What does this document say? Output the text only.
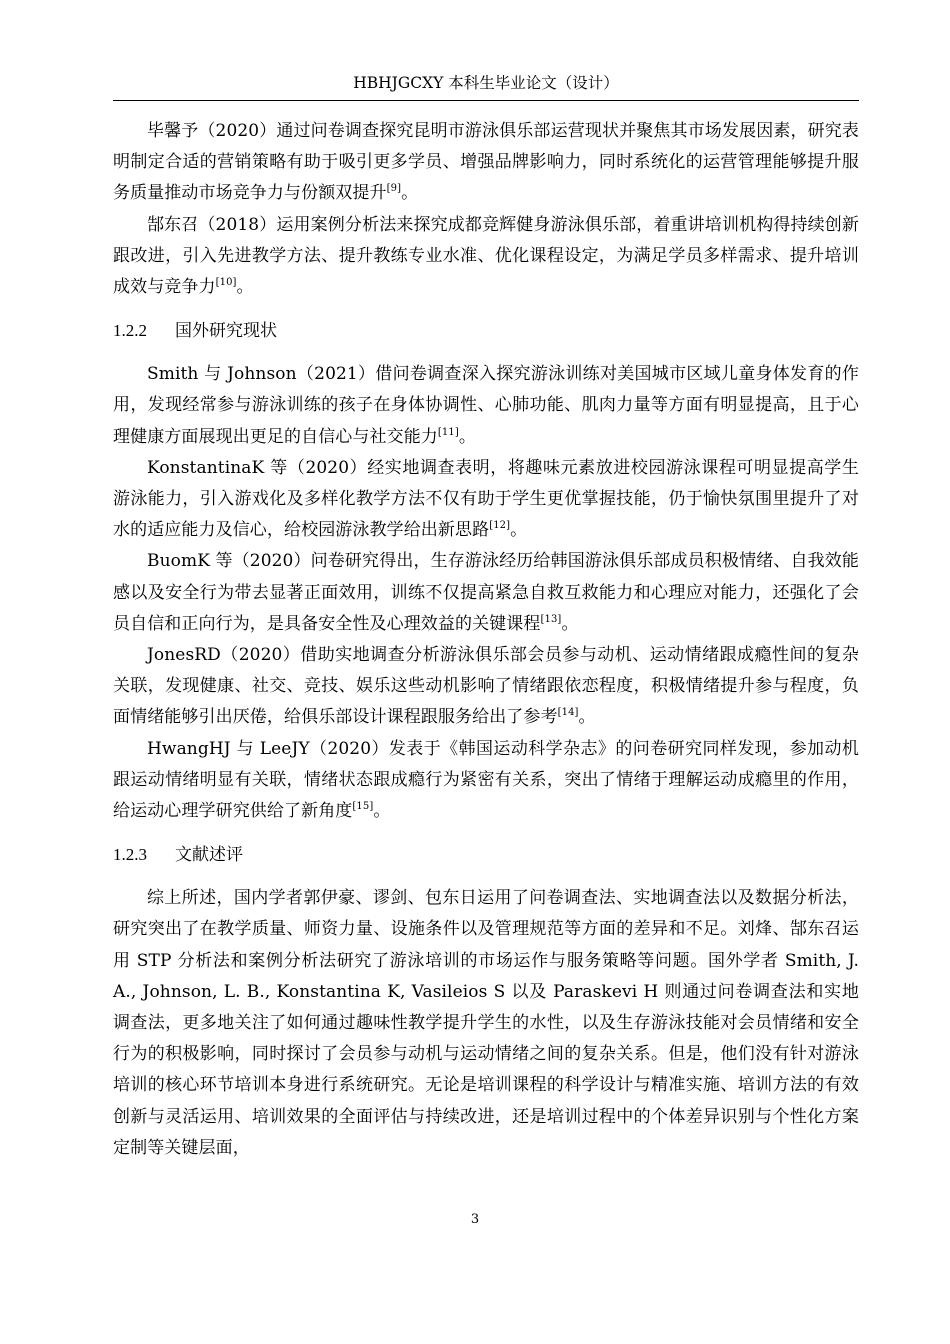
HBHJGCXY 本科生毕业论文（设计）

毕馨予（2020）通过问卷调查探究昆明市游泳俱乐部运营现状并聚焦其市场发展因素，研究表明制定合适的营销策略有助于吸引更多学员、增强品牌影响力，同时系统化的运营管理能够提升服务质量推动市场竞争力与份额双提升[9]。

郜东召（2018）运用案例分析法来探究成都竞辉健身游泳俱乐部，着重讲培训机构得持续创新跟改进，引入先进教学方法、提升教练专业水准、优化课程设定，为满足学员多样需求、提升培训成效与竞争力[10]。

1.2.2	国外研究现状

Smith 与 Johnson（2021）借问卷调查深入探究游泳训练对美国城市区域儿童身体发育的作用，发现经常参与游泳训练的孩子在身体协调性、心肺功能、肌肉力量等方面有明显提高，且于心理健康方面展现出更足的自信心与社交能力[11]。

KonstantinaK 等（2020）经实地调查表明，将趣味元素放进校园游泳课程可明显提高学生游泳能力，引入游戏化及多样化教学方法不仅有助于学生更优掌握技能，仍于愉快氛围里提升了对水的适应能力及信心，给校园游泳教学给出新思路[12]。

BuomK 等（2020）问卷研究得出，生存游泳经历给韩国游泳俱乐部成员积极情绪、自我效能感以及安全行为带去显著正面效用，训练不仅提高紧急自救互救能力和心理应对能力，还强化了会员自信和正向行为，是具备安全性及心理效益的关键课程[13]。

JonesRD（2020）借助实地调查分析游泳俱乐部会员参与动机、运动情绪跟成瘾性间的复杂关联，发现健康、社交、竞技、娱乐这些动机影响了情绪跟依恋程度，积极情绪提升参与程度，负面情绪能够引出厌倦，给俱乐部设计课程跟服务给出了参考[14]。

HwangHJ 与 LeeJY（2020）发表于《韩国运动科学杂志》的问卷研究同样发现，参加动机跟运动情绪明显有关联，情绪状态跟成瘾行为紧密有关系，突出了情绪于理解运动成瘾里的作用，给运动心理学研究供给了新角度[15]。

1.2.3	文献述评

综上所述，国内学者郭伊豪、谬剑、包东日运用了问卷调查法、实地调查法以及数据分析法，研究突出了在教学质量、师资力量、设施条件以及管理规范等方面的差异和不足。刘烽、郜东召运用 STP 分析法和案例分析法研究了游泳培训的市场运作与服务策略等问题。国外学者 Smith, J. A., Johnson, L. B., Konstantina K, Vasileios S 以及 Paraskevi H 则通过问卷调查法和实地调查法，更多地关注了如何通过趣味性教学提升学生的水性，以及生存游泳技能对会员情绪和安全行为的积极影响，同时探讨了会员参与动机与运动情绪之间的复杂关系。但是，他们没有针对游泳培训的核心环节培训本身进行系统研究。无论是培训课程的科学设计与精准实施、培训方法的有效创新与灵活运用、培训效果的全面评估与持续改进，还是培训过程中的个体差异识别与个性化方案定制等关键层面，

3
